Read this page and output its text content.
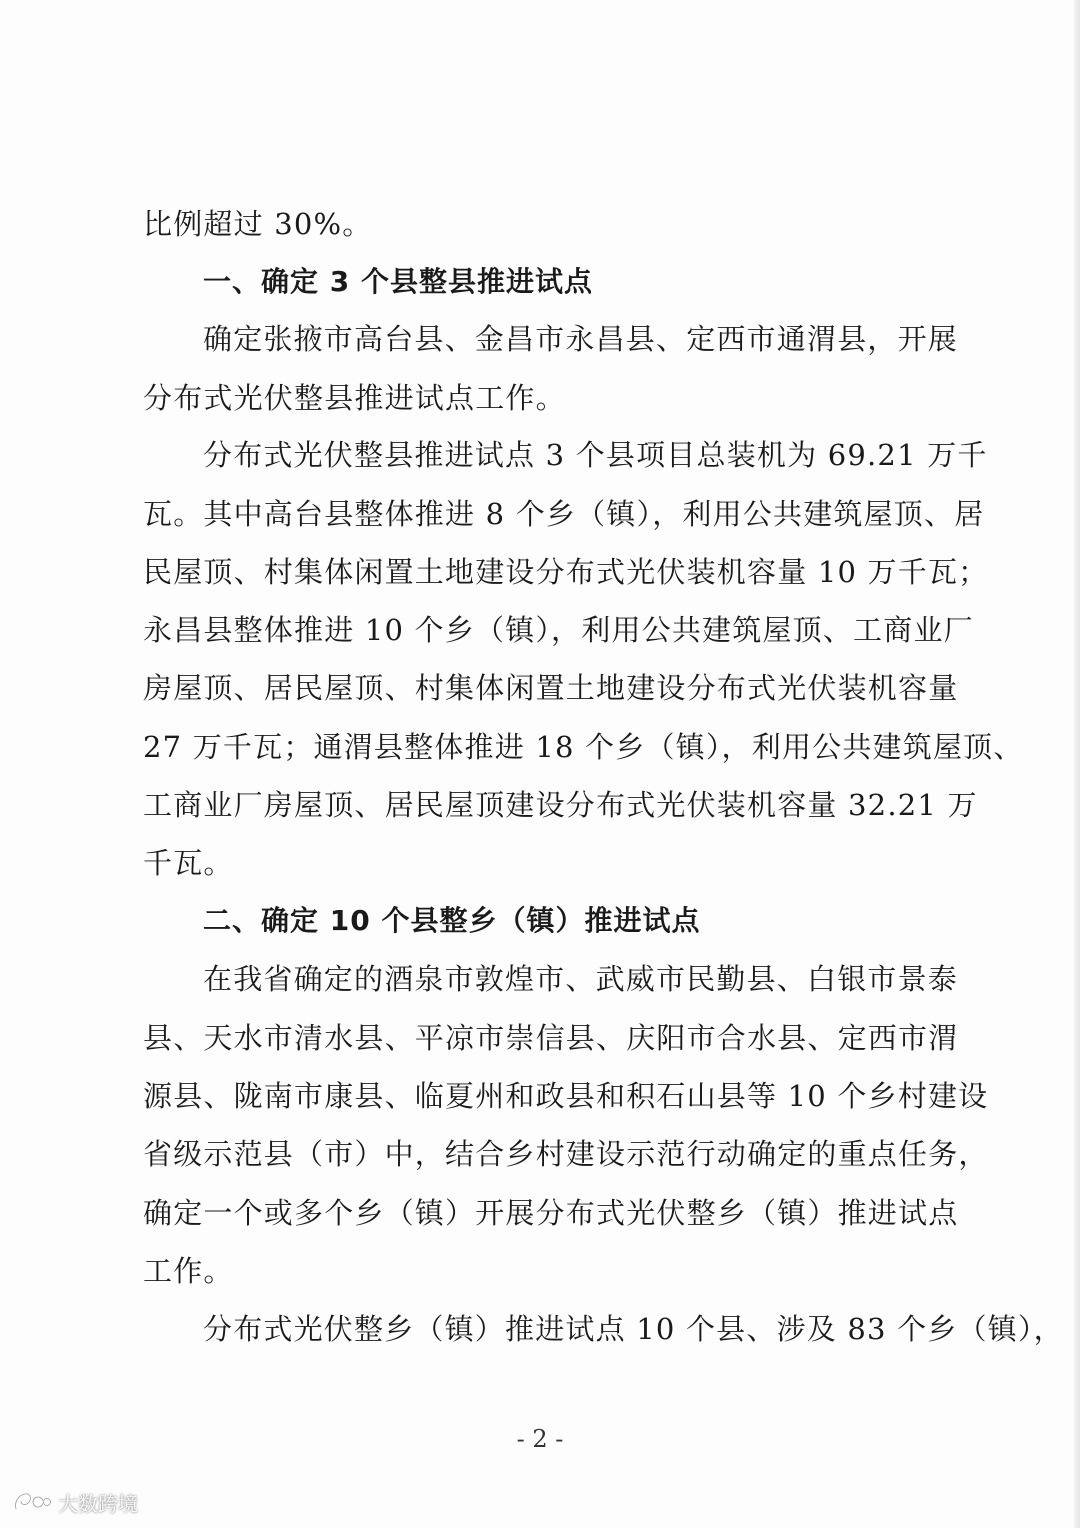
比例超过 30%。
一、确定 3 个县整县推进试点
确定张掖市高台县、金昌市永昌县、定西市通渭县，开展
分布式光伏整县推进试点工作。
分布式光伏整县推进试点 3 个县项目总装机为 69.21 万千
瓦。其中高台县整体推进 8 个乡（镇），利用公共建筑屋顶、居
民屋顶、村集体闲置土地建设分布式光伏装机容量 10 万千瓦；
永昌县整体推进 10 个乡（镇），利用公共建筑屋顶、工商业厂
房屋顶、居民屋顶、村集体闲置土地建设分布式光伏装机容量
27 万千瓦；通渭县整体推进 18 个乡（镇），利用公共建筑屋顶、
工商业厂房屋顶、居民屋顶建设分布式光伏装机容量 32.21 万
千瓦。
二、确定 10 个县整乡（镇）推进试点
在我省确定的酒泉市敦煌市、武威市民勤县、白银市景泰
县、天水市清水县、平凉市崇信县、庆阳市合水县、定西市渭
源县、陇南市康县、临夏州和政县和积石山县等 10 个乡村建设
省级示范县（市）中，结合乡村建设示范行动确定的重点任务，
确定一个或多个乡（镇）开展分布式光伏整乡（镇）推进试点
工作。
分布式光伏整乡（镇）推进试点 10 个县、涉及 83 个乡（镇），
- 2 -
大数跨境
